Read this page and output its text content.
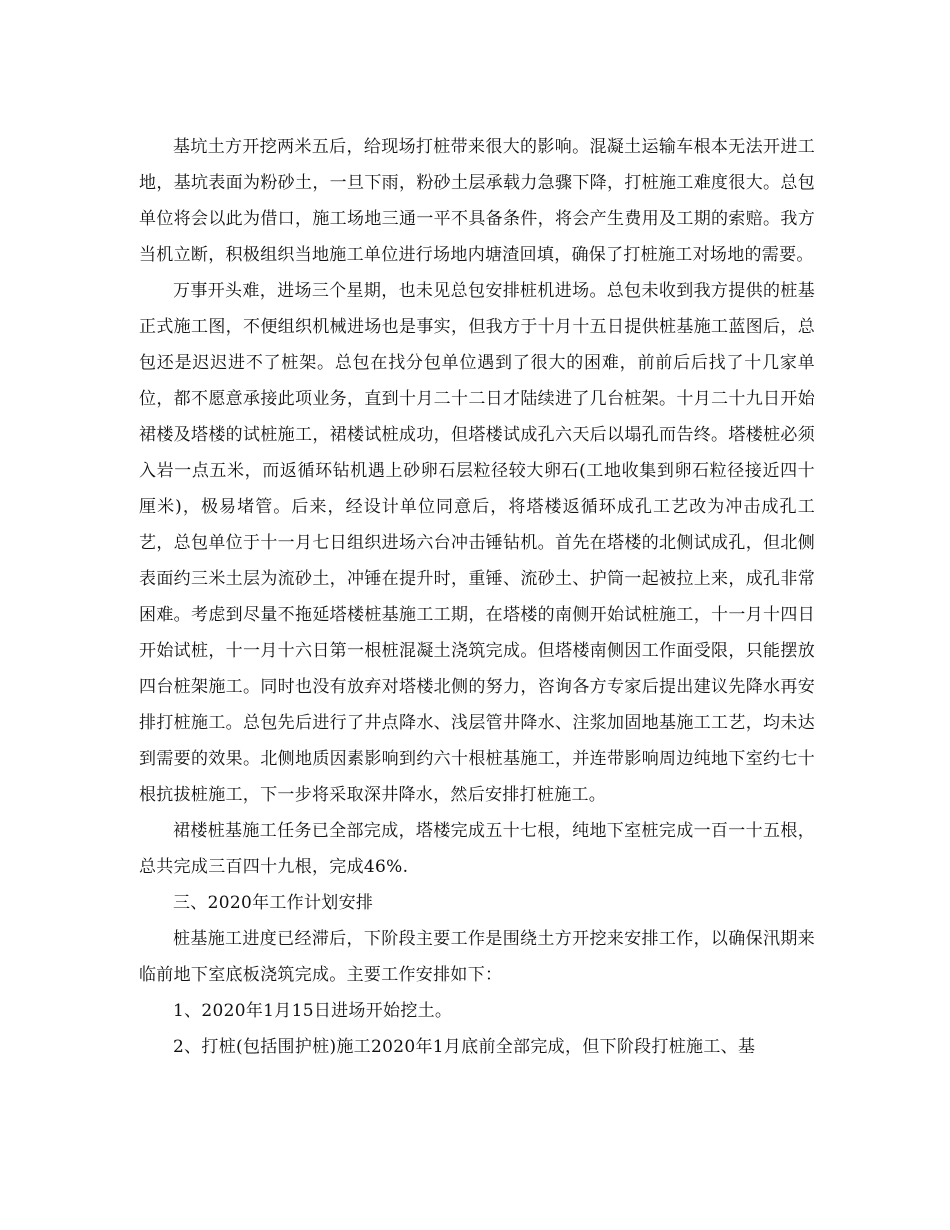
基坑土方开挖两米五后，给现场打桩带来很大的影响。混凝土运输车根本无法开进工地，基坑表面为粉砂土，一旦下雨，粉砂土层承载力急骤下降，打桩施工难度很大。总包单位将会以此为借口，施工场地三通一平不具备条件，将会产生费用及工期的索赔。我方当机立断，积极组织当地施工单位进行场地内塘渣回填，确保了打桩施工对场地的需要。

万事开头难，进场三个星期，也未见总包安排桩机进场。总包未收到我方提供的桩基正式施工图，不便组织机械进场也是事实，但我方于十月十五日提供桩基施工蓝图后，总包还是迟迟进不了桩架。总包在找分包单位遇到了很大的困难，前前后后找了十几家单位，都不愿意承接此项业务，直到十月二十二日才陆续进了几台桩架。十月二十九日开始裙楼及塔楼的试桩施工，裙楼试桩成功，但塔楼试成孔六天后以塌孔而告终。塔楼桩必须入岩一点五米，而返循环钻机遇上砂卵石层粒径较大卵石(工地收集到卵石粒径接近四十厘米)，极易堵管。后来，经设计单位同意后，将塔楼返循环成孔工艺改为冲击成孔工艺，总包单位于十一月七日组织进场六台冲击锤钻机。首先在塔楼的北侧试成孔，但北侧表面约三米土层为流砂土，冲锤在提升时，重锤、流砂土、护筒一起被拉上来，成孔非常困难。考虑到尽量不拖延塔楼桩基施工工期，在塔楼的南侧开始试桩施工，十一月十四日开始试桩，十一月十六日第一根桩混凝土浇筑完成。但塔楼南侧因工作面受限，只能摆放四台桩架施工。同时也没有放弃对塔楼北侧的努力，咨询各方专家后提出建议先降水再安排打桩施工。总包先后进行了井点降水、浅层管井降水、注浆加固地基施工工艺，均未达到需要的效果。北侧地质因素影响到约六十根桩基施工，并连带影响周边纯地下室约七十根抗拔桩施工，下一步将采取深井降水，然后安排打桩施工。

裙楼桩基施工任务已全部完成，塔楼完成五十七根，纯地下室桩完成一百一十五根，总共完成三百四十九根，完成46%.

三、2020年工作计划安排

桩基施工进度已经滞后，下阶段主要工作是围绕土方开挖来安排工作，以确保汛期来临前地下室底板浇筑完成。主要工作安排如下：

1、2020年1月15日进场开始挖土。

2、打桩(包括围护桩)施工2020年1月底前全部完成，但下阶段打桩施工、基
